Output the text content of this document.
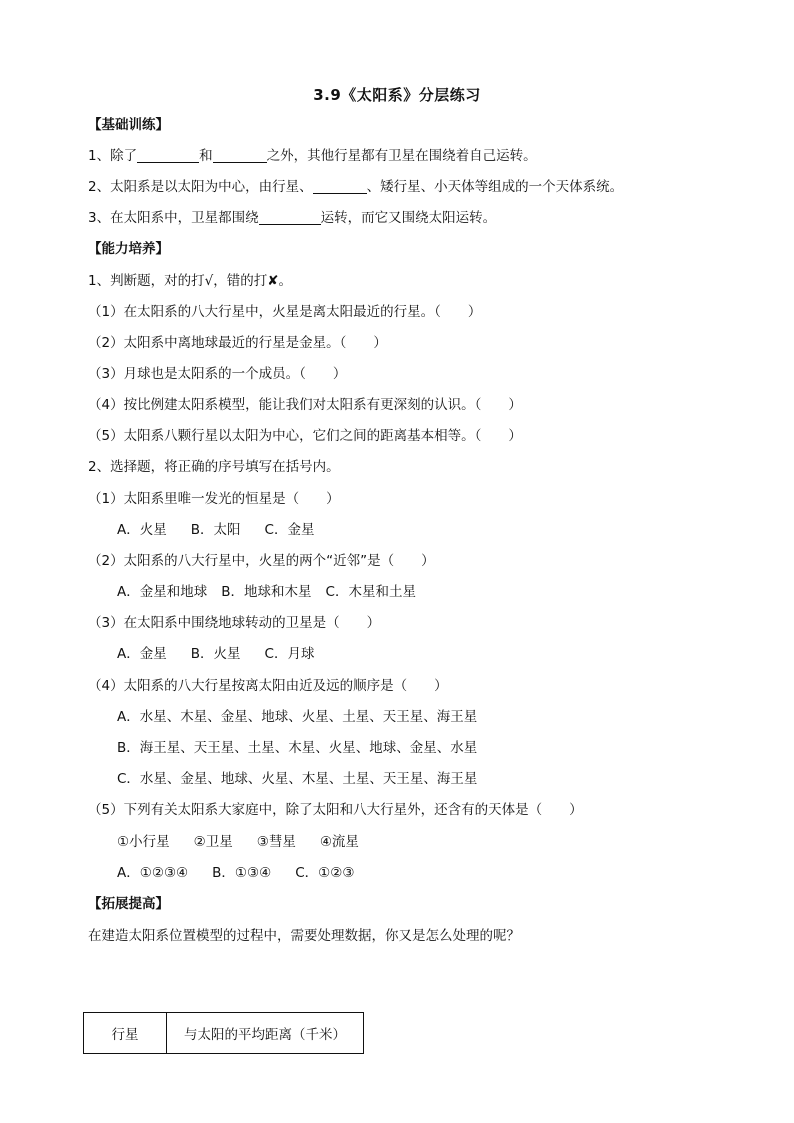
3.9《太阳系》分层练习
【基础训练】
1、除了	和	之外，其他行星都有卫星在围绕着自己运转。
2、太阳系是以太阳为中心，由行星、	、矮行星、小天体等组成的一个天体系统。
3、在太阳系中，卫星都围绕	运转，而它又围绕太阳运转。
【能力培养】
1、判断题，对的打√，错的打✘。
（1）在太阳系的八大行星中，火星是离太阳最近的行星。（　　）
（2）太阳系中离地球最近的行星是金星。（　　）
（3）月球也是太阳系的一个成员。（　　）
（4）按比例建太阳系模型，能让我们对太阳系有更深刻的认识。（　　）
（5）太阳系八颗行星以太阳为中心，它们之间的距离基本相等。（　　）
2、选择题，将正确的序号填写在括号内。
（1）太阳系里唯一发光的恒星是（　　）
A．火星 B．太阳 C．金星
（2）太阳系的八大行星中，火星的两个“近邻”是（　　）
A．金星和地球 B．地球和木星 C．木星和土星
（3）在太阳系中围绕地球转动的卫星是（　　）
A．金星 B．火星 C．月球
（4）太阳系的八大行星按离太阳由近及远的顺序是（　　）
A．水星、木星、金星、地球、火星、土星、天王星、海王星
B．海王星、天王星、土星、木星、火星、地球、金星、水星
C．水星、金星、地球、火星、木星、土星、天王星、海王星
（5）下列有关太阳系大家庭中，除了太阳和八大行星外，还含有的天体是（　　）
①小行星 ②卫星 ③彗星 ④流星
A．①②③④ B．①③④ C．①②③
【拓展提高】
在建造太阳系位置模型的过程中，需要处理数据，你又是怎么处理的呢？
行星	与太阳的平均距离（千米）
